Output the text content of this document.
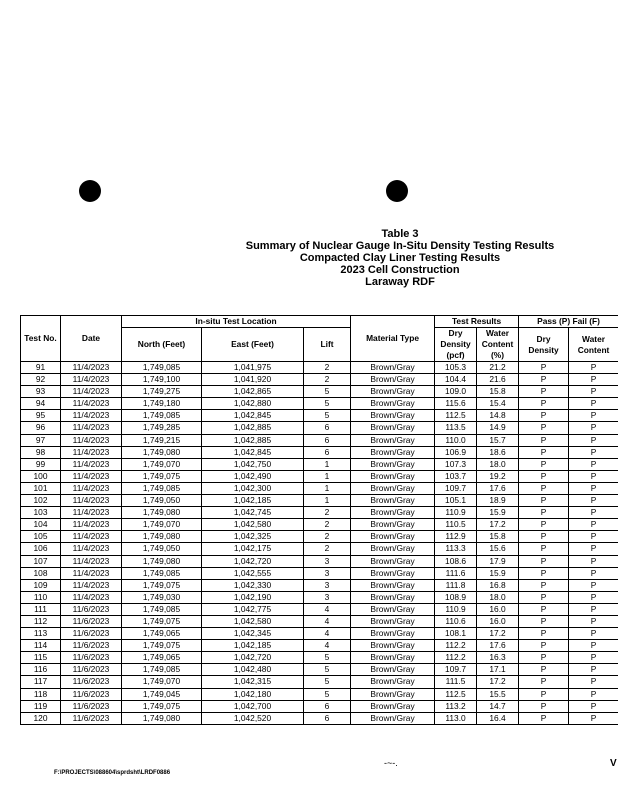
Table 3
Summary of Nuclear Gauge In-Situ Density Testing Results
Compacted Clay Liner Testing Results
2023 Cell Construction
Laraway RDF
Test No.	Date	In-situ Test Location			Material Type	Test Results		Pass (P) Fail (F)	
		North (Feet)	East (Feet)	Lift		Dry Density (pcf)	Water Content (%)	Dry Density	Water Content
91	11/4/2023	1,749,085	1,041,975	2	Brown/Gray	105.3	21.2	P	P
92	11/4/2023	1,749,100	1,041,920	2	Brown/Gray	104.4	21.6	P	P
93	11/4/2023	1,749,275	1,042,865	5	Brown/Gray	109.0	15.8	P	P
94	11/4/2023	1,749,180	1,042,880	5	Brown/Gray	115.6	15.4	P	P
95	11/4/2023	1,749,085	1,042,845	5	Brown/Gray	112.5	14.8	P	P
96	11/4/2023	1,749,285	1,042,885	6	Brown/Gray	113.5	14.9	P	P
97	11/4/2023	1,749,215	1,042,885	6	Brown/Gray	110.0	15.7	P	P
98	11/4/2023	1,749,080	1,042,845	6	Brown/Gray	106.9	18.6	P	P
99	11/4/2023	1,749,070	1,042,750	1	Brown/Gray	107.3	18.0	P	P
100	11/4/2023	1,749,075	1,042,490	1	Brown/Gray	103.7	19.2	P	P
101	11/4/2023	1,749,085	1,042,300	1	Brown/Gray	109.7	17.6	P	P
102	11/4/2023	1,749,050	1,042,185	1	Brown/Gray	105.1	18.9	P	P
103	11/4/2023	1,749,080	1,042,745	2	Brown/Gray	110.9	15.9	P	P
104	11/4/2023	1,749,070	1,042,580	2	Brown/Gray	110.5	17.2	P	P
105	11/4/2023	1,749,080	1,042,325	2	Brown/Gray	112.9	15.8	P	P
106	11/4/2023	1,749,050	1,042,175	2	Brown/Gray	113.3	15.6	P	P
107	11/4/2023	1,749,080	1,042,720	3	Brown/Gray	108.6	17.9	P	P
108	11/4/2023	1,749,085	1,042,555	3	Brown/Gray	111.6	15.9	P	P
109	11/4/2023	1,749,075	1,042,330	3	Brown/Gray	111.8	16.8	P	P
110	11/4/2023	1,749,030	1,042,190	3	Brown/Gray	108.9	18.0	P	P
111	11/6/2023	1,749,085	1,042,775	4	Brown/Gray	110.9	16.0	P	P
112	11/6/2023	1,749,075	1,042,580	4	Brown/Gray	110.6	16.0	P	P
113	11/6/2023	1,749,065	1,042,345	4	Brown/Gray	108.1	17.2	P	P
114	11/6/2023	1,749,075	1,042,185	4	Brown/Gray	112.2	17.6	P	P
115	11/6/2023	1,749,065	1,042,720	5	Brown/Gray	112.2	16.3	P	P
116	11/6/2023	1,749,085	1,042,480	5	Brown/Gray	109.7	17.1	P	P
117	11/6/2023	1,749,070	1,042,315	5	Brown/Gray	111.5	17.2	P	P
118	11/6/2023	1,749,045	1,042,180	5	Brown/Gray	112.5	15.5	P	P
119	11/6/2023	1,749,075	1,042,700	6	Brown/Gray	113.2	14.7	P	P
120	11/6/2023	1,749,080	1,042,520	6	Brown/Gray	113.0	16.4	P	P
F:\PROJECTS\088604\sprdsht\LRDF0886
-~-.	V
